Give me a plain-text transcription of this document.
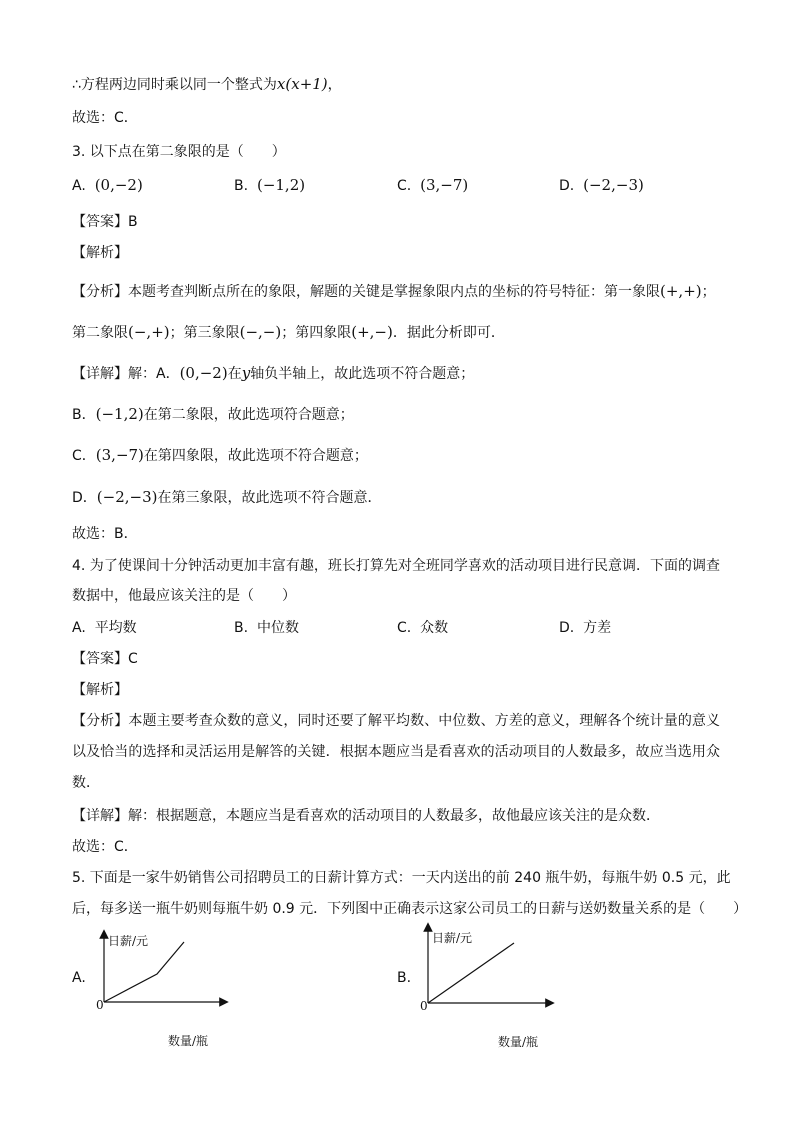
∴方程两边同时乘以同一个整式为x(x+1)，
故选：C．
3. 以下点在第二象限的是（　　）
A. (0,−2)	B. (−1,2)	C. (3,−7)	D. (−2,−3)
【答案】B
【解析】
【分析】本题考查判断点所在的象限，解题的关键是掌握象限内点的坐标的符号特征：第一象限(+,+)；
第二象限(−,+)；第三象限(−,−)；第四象限(+,−)．据此分析即可．
【详解】解：A．(0,−2)在y轴负半轴上，故此选项不符合题意；
B．(−1,2)在第二象限，故此选项符合题意；
C．(3,−7)在第四象限，故此选项不符合题意；
D．(−2,−3)在第三象限，故此选项不符合题意．
故选：B．
4. 为了使课间十分钟活动更加丰富有趣，班长打算先对全班同学喜欢的活动项目进行民意调．下面的调查
数据中，他最应该关注的是（　　）
A. 平均数	B. 中位数	C. 众数	D. 方差
【答案】C
【解析】
【分析】本题主要考查众数的意义，同时还要了解平均数、中位数、方差的意义，理解各个统计量的意义
以及恰当的选择和灵活运用是解答的关键．根据本题应当是看喜欢的活动项目的人数最多，故应当选用众
数．
【详解】解：根据题意，本题应当是看喜欢的活动项目的人数最多，故他最应该关注的是众数．
故选：C．
5. 下面是一家牛奶销售公司招聘员工的日薪计算方式：一天内送出的前 240 瓶牛奶，每瓶牛奶 0.5 元，此
后，每多送一瓶牛奶则每瓶牛奶 0.9 元．下列图中正确表示这家公司员工的日薪与送奶数量关系的是（　　）
A.
日薪/元
0
数量/瓶
B.
日薪/元
0
数量/瓶
